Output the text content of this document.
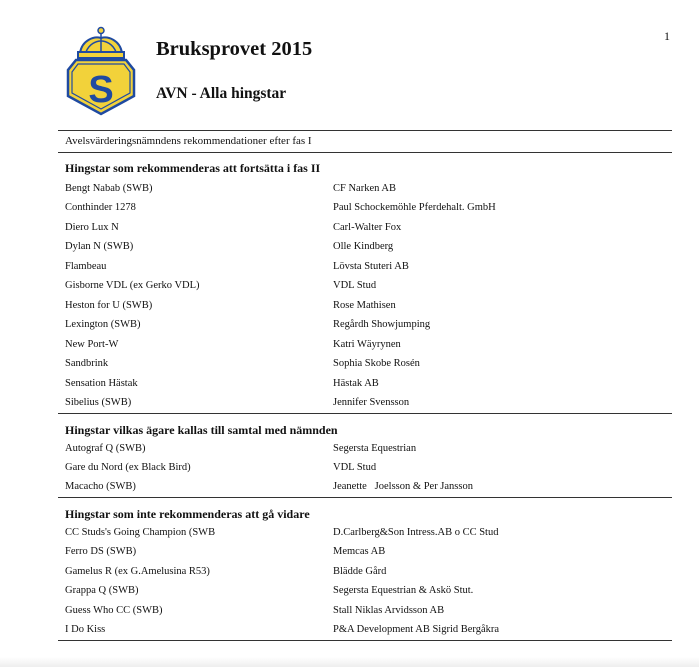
1
S
Bruksprovet 2015
AVN - Alla hingstar
Avelsvärderingsnämndens rekommendationer efter fas I
Hingstar som rekommenderas att fortsätta i fas II
Bengt Nabab (SWB)	CF Narken AB
Conthinder 1278	Paul Schockemöhle Pferdehalt. GmbH
Diero Lux N	Carl-Walter Fox
Dylan N (SWB)	Olle Kindberg
Flambeau	Lövsta Stuteri AB
Gisborne VDL (ex Gerko VDL)	VDL Stud
Heston for U (SWB)	Rose Mathisen
Lexington (SWB)	Regårdh Showjumping
New Port-W	Katri Wäyrynen
Sandbrink	Sophia Skobe Rosén
Sensation Hästak	Hästak AB
Sibelius (SWB)	Jennifer Svensson
Hingstar vilkas ägare kallas till samtal med nämnden
Autograf Q (SWB)	Segersta Equestrian
Gare du Nord (ex Black Bird)	VDL Stud
Macacho (SWB)	Jeanette   Joelsson & Per Jansson
Hingstar som inte rekommenderas att gå vidare
CC Studs's Going Champion (SWB	D.Carlberg&Son Intress.AB o CC Stud
Ferro DS (SWB)	Memcas AB
Gamelus R (ex G.Amelusina R53)	Blädde Gård
Grappa Q (SWB)	Segersta Equestrian & Askö Stut.
Guess Who CC (SWB)	Stall Niklas Arvidsson AB
I Do Kiss	P&A Development AB Sigrid Bergåkra
